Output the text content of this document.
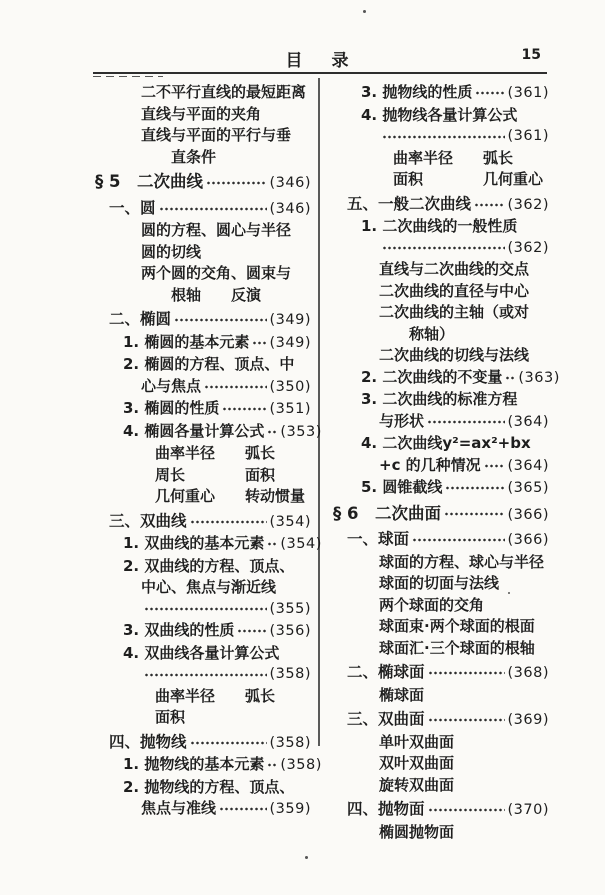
目　录	15
二不平行直线的最短距离
直线与平面的夹角
直线与平面的平行与垂
直条件
§ 5　二次曲线	(346)
一、圆	(346)
圆的方程、圆心与半径
圆的切线
两个圆的交角、圆束与
根轴　　反演
二、椭圆	(349)
1. 椭圆的基本元素 (349)
2. 椭圆的方程、顶点、中
心与焦点	(350)
3. 椭圆的性质	(351)
4. 椭圆各量计算公式 (353)
曲率半径　　弧长
周长　　　　面积
几何重心　　转动惯量
三、双曲线	(354)
1. 双曲线的基本元素 (354)
2. 双曲线的方程、顶点、
中心、焦点与渐近线
(355)
3. 双曲线的性质 (356)
4. 双曲线各量计算公式
(358)
曲率半径　　弧长
面积
四、抛物线	(358)
1. 抛物线的基本元素 (358)
2. 抛物线的方程、顶点、
焦点与准线	(359)
3. 抛物线的性质 (361)
4. 抛物线各量计算公式
(361)
曲率半径　　弧长
面积　　　　几何重心
五、一般二次曲线	(362)
1. 二次曲线的一般性质
(362)
直线与二次曲线的交点
二次曲线的直径与中心
二次曲线的主轴（或对
称轴）
二次曲线的切线与法线
2. 二次曲线的不变量 (363)
3. 二次曲线的标准方程
与形状	(364)
4. 二次曲线y²=ax²+bx
+c 的几种情况 (364)
5. 圆锥截线	(365)
§ 6　二次曲面	(366)
一、球面	(366)
球面的方程、球心与半径
球面的切面与法线
两个球面的交角
球面束·两个球面的根面
球面汇·三个球面的根轴
二、椭球面	(368)
椭球面
三、双曲面	(369)
单叶双曲面
双叶双曲面
旋转双曲面
四、抛物面	(370)
椭圆抛物面
